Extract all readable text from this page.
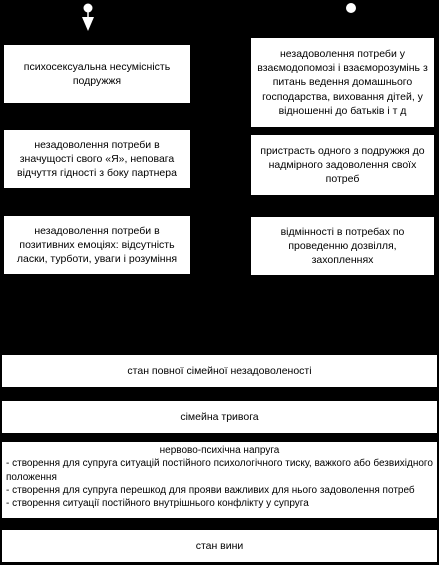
психосексуальна несумісність подружжя
незадоволення потреби в значущості свого «Я», неповага відчуття гідності з боку партнера
незадоволення потреби в позитивних емоціях: відсутність ласки, турботи, уваги і розуміння
незадоволення потреби у взаємодопомозі і взаєморозумінь з питань ведення домашнього господарства, виховання дітей, у відношенні до батьків і т д
пристрасть одного з подружжя до надмірного задоволення своїх потреб
відмінності в потребах по проведенню дозвілля, захопленнях
стан повної сімейної незадоволеності
сімейна тривога
нервово-психічна напруга
- створення для супруга ситуацій постійного психологічного тиску, важкого або безвиxідного положення
- створення для супруга перешкод для прояви важливих для нього задоволення потреб
- створення ситуації постійного внутрішнього конфлікту у супруга
стан вини
